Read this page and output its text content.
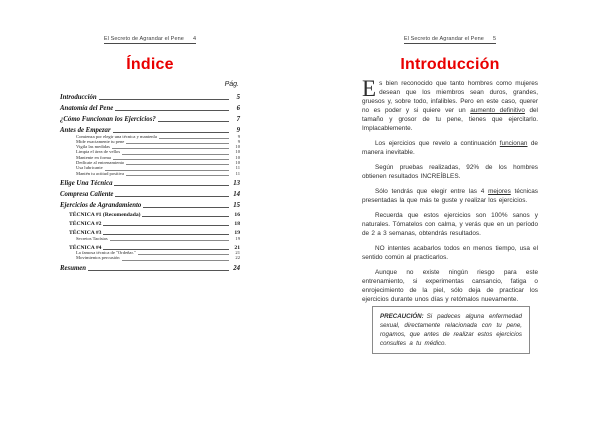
El Secreto de Agrandar el Pene 4
Índice
Pág.
Introducción	5
Anatomía del Pene	6
¿Cómo Funcionan los Ejercicios?	7
Antes de Empezar	9
Comienza por elegir una técnica y mantenla	9
Mide exactamente tu pene	9
Vigila las medidas	10
Limpia el área de vellos	10
Mantente en forma	10
Dedícate al entrenamiento	10
Usa lubricante	11
Mantén tu actitud positiva	11
Elige Una Técnica	13
Compresa Caliente	14
Ejercicios de Agrandamiento	15
TÉCNICA #1 (Recomendada)	16
TÉCNICA #2	18
TÉCNICA #3	19
Secretos Taoístas	19
TÉCNICA #4	21
La famosa técnica de "Ordeñar."	21
Movimientos percusión	22
Resumen	24
El Secreto de Agrandar el Pene 5
Introducción

Es bien reconocido que tanto hombres como mujeres desean que los miembros sean duros, grandes, gruesos y, sobre todo, infalibles. Pero en este caso, querer no es poder y si quiere ver un aumento definitivo del tamaño y grosor de tu pene, tienes que ejercitarlo. Implacablemente.

Los ejercicios que revelo a continuación funcionan de manera inevitable.

Según pruebas realizadas, 92% de los hombres obtienen resultados INCREÍBLES.

Sólo tendrás que elegir entre las 4 mejores técnicas presentadas la que más te guste y realizar los ejercicios.

Recuerda que estos ejercicios son 100% sanos y naturales. Tómatelos con calma, y verás que en un período de 2 a 3 semanas, obtendrás resultados.

NO intentes acabarlos todos en menos tiempo, usa el sentido común al practicarlos.

Aunque no existe ningún riesgo para este entrenamiento, si experimentas cansancio, fatiga o enrojecimiento de la piel, sólo deja de practicar los ejercicios durante unos días y retómalos nuevamente.

PRECAUCIÓN: Si padeces alguna enfermedad sexual, directamente relacionada con tu pene, rogamos, que antes de realizar estos ejercicios consultes a tu médico.
